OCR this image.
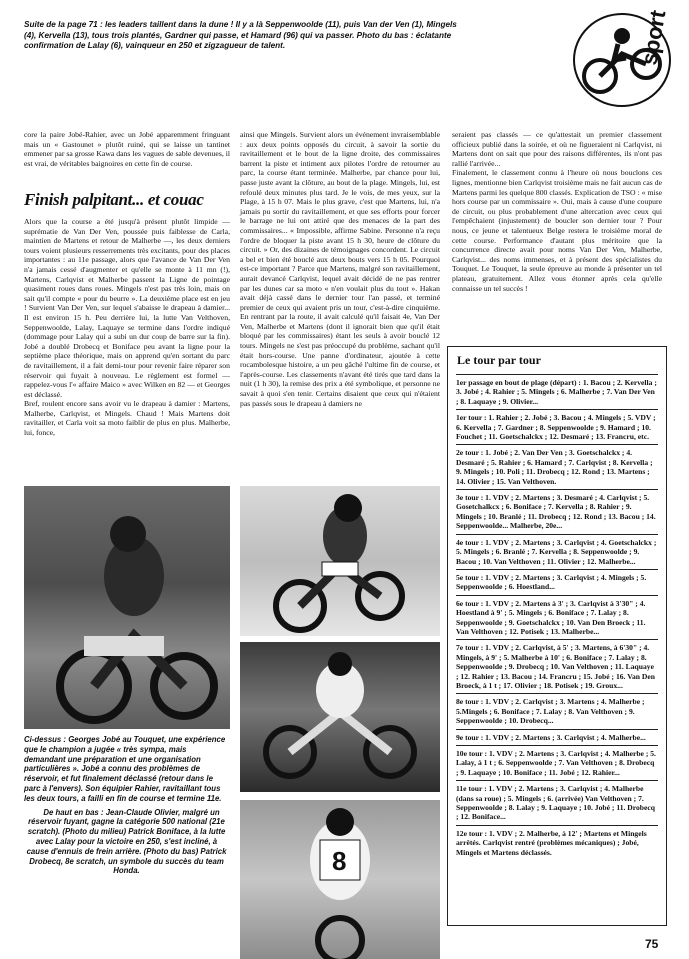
Suite de la page 71 : les leaders taillent dans la dune ! Il y a là Seppenwoolde (11), puis Van der Ven (1), Mingels (4), Kervella (13), tous trois plantés, Gardner qui passe, et Hamard (96) qui va passer. Photo du bas : éclatante confirmation de Lalay (6), vainqueur en 250 et zigzagueur de talent.	sport

core la paire Jobé-Rahier, avec un Jobé apparemment fringuant mais un « Gastounet » plutôt ruiné, qui se laisse un tantinet emmener par sa grosse Kawa dans les vagues de sable devenues, il est vrai, de véritables baignoires en cette fin de course.

Finish palpitant... et couac
Alors que la course a été jusqu'à présent plutôt limpide — suprématie de Van Der Ven, poussée puis faiblesse de Carla, maintien de Martens et retour de Malherbe —, les deux derniers tours voient plusieurs resserrements très excitants, pour des places importantes : au 11e passage, alors que l'avance de Van Der Ven n'a jamais cessé d'augmenter et qu'elle se monte à 11 mn (!), Martens, Carlqvist et Malherbe passent la Ligne de pointage quasiment roues dans roues. Mingels n'est pas très loin, mais on sait qu'il compte « pour du beurre ». La deuxième place est en jeu ! Survient Van Der Ven, sur lequel s'abaisse le drapeau à damier... Il est environ 15 h. Peu derrière lui, la lutte Van Velthoven, Seppenwoolde, Lalay, Laquaye se termine dans l'ordre indiqué (dommage pour Lalay qui a subi un dur coup de barre sur la fin). Jobé a doublé Drobecq et Boniface peu avant la ligne pour la septième place théorique, mais on apprend qu'en sortant du parc de ravitaillement, il a fait demi-tour pour revenir faire réparer son réservoir qui fuyait à nouveau. Le règlement est formel — rappelez-vous l'« affaire Maico » avec Wilken en 82 — et Georges est déclassé.
Bref, roulent encore sans avoir vu le drapeau à damier : Martens, Malherbe, Carlqvist, et Mingels. Chaud ! Mais Martens doit ravitailler, et Carla voit sa moto faiblir de plus en plus. Malherbe, lui, fonce,
ainsi que Mingels. Survient alors un événement invraisemblable : aux deux points opposés du circuit, à savoir la sortie du ravitaillement et le bout de la ligne droite, des commissaires barrent la piste et intiment aux pilotes l'ordre de retourner au parc, la course étant terminée. Malherbe, par chance pour lui, passe juste avant la clôture, au bout de la plage. Mingels, lui, est refoulé deux minutes plus tard. Je le vois, de mes yeux, sur la Plage, à 15 h 07. Mais le plus grave, c'est que Martens, lui, n'a jamais pu sortir du ravitaillement, et que ses efforts pour forcer le barrage ne lui ont attiré que des menaces de la part des commissaires... « Impossible, affirme Sabine. Personne n'a reçu l'ordre de bloquer la piste avant 15 h 30, heure de clôture du circuit. » Or, des dizaines de témoignages concordent. Le circuit a bel et bien été bouclé aux deux bouts vers 15 h 05. Pourquoi est-ce important ? Parce que Martens, malgré son ravitaillement, aurait devancé Carlqvist, lequel avait décidé de ne pas rentrer par les dunes car sa moto « n'en voulait plus du tout ». Hakan avait déjà cassé dans le dernier tour l'an passé, et terminé premier de ceux qui avaient pris un tour, c'est-à-dire cinquième. En rentrant par la route, il avait calculé qu'il faisait 4e, Van Der Ven, Malherbe et Martens (dont il ignorait bien que qu'il était bloqué par les commissaires) étant les seuls à avoir bouclé 12 tours. Mingels ne s'est pas préoccupé du problème, sachant qu'il était hors-course. Une panne d'ordinateur, ajoutée à cette rocambolesque histoire, a un peu gâché l'ultime fin de course, et l'après-course. Les classements n'avant été tirés que tard dans la nuit (1 h 30), la remise des prix a été symbolique, et personne ne savait à quoi s'en tenir. Certains disaient que ceux qui n'étaient pas passés sous le drapeau à damiers ne
seraient pas classés — ce qu'attestait un premier classement officieux publié dans la soirée, et où ne figueraient ni Carlqvist, ni Martens dont on sait que pour des raisons différentes, ils n'ont pas rallié l'arrivée...
Finalement, le classement connu à l'heure où nous bouclons ces lignes, mentionne bien Carlqvist troisième mais ne fait aucun cas de Martens parmi les quelque 800 classés. Explication de TSO : « mise hors course par un commissaire ». Oui, mais à cause d'une coupure de circuit, ou plus probablement d'une altercation avec ceux qui l'empêchaient (injustement) de boucler son dernier tour ? Pour nous, ce jeune et talentueux Belge restera le troisième moral de cette course. Performance d'autant plus méritoire que la concurrence directe avait pour noms Van Der Ven, Malherbe, Carlqvist... des noms immenses, et à présent des spécialistes du Touquet. Le Touquet, la seule épreuve au monde à présenter un tel plateau, gratuitement. Allez vous étonner après cela qu'elle connaisse un tel succès !
8

Ci-dessus : Georges Jobé au Touquet, une expérience que le champion a jugée « très sympa, mais demandant une préparation et une organisation particulières ». Jobé a connu des problèmes de réservoir, et fut finalement déclassé (retour dans le parc à l'envers). Son équipier Rahier, ravitaillant tous les deux tours, a failli en fin de course et termine 11e.

De haut en bas : Jean-Claude Olivier, malgré un réservoir fuyant, gagne la catégorie 500 national (21e scratch). (Photo du milieu) Patrick Boniface, à la lutte avec Lalay pour la victoire en 250, s'est incliné, à cause d'ennuis de frein arrière. (Photo du bas) Patrick Drobecq, 8e scratch, un symbole du succès du team Honda.

Le tour par tour
1er passage en bout de plage (départ) : 1. Bacou ; 2. Kervella ; 3. Jobé ; 4. Rahier ; 5. Mingels ; 6. Malherbe ; 7. Van Der Ven ; 8. Laquaye ; 9. Olivier...
1er tour : 1. Rahier ; 2. Jobé ; 3. Bacou ; 4. Mingels ; 5. VDV ; 6. Kervella ; 7. Gardner ; 8. Seppenwoolde ; 9. Hamard ; 10. Fouchet ; 11. Goetschalckx ; 12. Desmaré ; 13. Francru, etc.
2e tour : 1. Jobé ; 2. Van Der Ven ; 3. Goetschalckx ; 4. Desmaré ; 5. Rahier ; 6. Hamard ; 7. Carlqvist ; 8. Kervella ; 9. Mingels ; 10. Poli ; 11. Drobecq ; 12. Rond ; 13. Martens ; 14. Olivier ; 15. Van Velthoven.
3e tour : 1. VDV ; 2. Martens ; 3. Desmaré ; 4. Carlqvist ; 5. Gosetchalkcx ; 6. Boniface ; 7. Kervella ; 8. Rahier ; 9. Mingels ; 10. Branlé ; 11. Drobecq ; 12. Rond ; 13. Bacou ; 14. Seppenwoolde... Malherbe, 20e...
4e tour : 1. VDV ; 2. Martens ; 3. Carlqvist ; 4. Goetschalckx ; 5. Mingels ; 6. Branlé ; 7. Kervella ; 8. Seppenwoolde ; 9. Bacou ; 10. Van Velthoven ; 11. Olivier ; 12. Malherbe...
5e tour : 1. VDV ; 2. Martens ; 3. Carlqvist ; 4. Mingels ; 5. Seppenwoolde ; 6. Hoestland...
6e tour : 1. VDV ; 2. Martens à 3' ; 3. Carlqvist à 3'30" ; 4. Hoestland à 9' ; 5. Mingels ; 6. Boniface ; 7. Lalay ; 8. Seppenwoolde ; 9. Goetschalckx ; 10. Van Den Broeck ; 11. Van Velthoven ; 12. Potisek ; 13. Malherbe...
7e tour : 1. VDV ; 2. Carlqvist, à 5' ; 3. Martens, à 6'30" ; 4. Mingels, à 9' ; 5. Malherbe à 10' ; 6. Boniface ; 7. Lalay ; 8. Seppenwoolde ; 9. Drobecq ; 10. Van Velthoven ; 11. Laquaye ; 12. Rahier ; 13. Bacou ; 14. Francru ; 15. Jobé ; 16. Van Den Broeck, à 1 t ; 17. Olivier ; 18. Potisek ; 19. Groux...
8e tour : 1. VDV ; 2. Carlqvist ; 3. Martens ; 4. Malherbe ; 5.Mingels ; 6. Boniface ; 7. Lalay ; 8. Van Velthoven ; 9. Seppenwoolde ; 10. Drobecq...
9e tour : 1. VDV ; 2. Martens ; 3. Carlqvist ; 4. Malherbe...
10e tour : 1. VDV ; 2. Martens ; 3. Carlqvist ; 4. Malherbe ; 5. Lalay, à 1 t ; 6. Seppenwoolde ; 7. Van Velthoven ; 8. Drobecq ; 9. Laquaye ; 10. Boniface ; 11. Jobé ; 12. Rahier...
11e tour : 1. VDV ; 2. Martens ; 3. Carlqvist ; 4. Malherbe (dans sa roue) ; 5. Mingels ; 6. (arrivée) Van Velthoven ; 7. Seppenwoolde ; 8. Lalay ; 9. Laquaye ; 10. Jobé ; 11. Drobecq ; 12. Boniface...
12e tour : 1. VDV ; 2. Malherbe, à 12' ; Martens et Mingels arrêtés. Carlqvist rentré (problèmes mécaniques) ; Jobé, Mingels et Martens déclassés.
75
